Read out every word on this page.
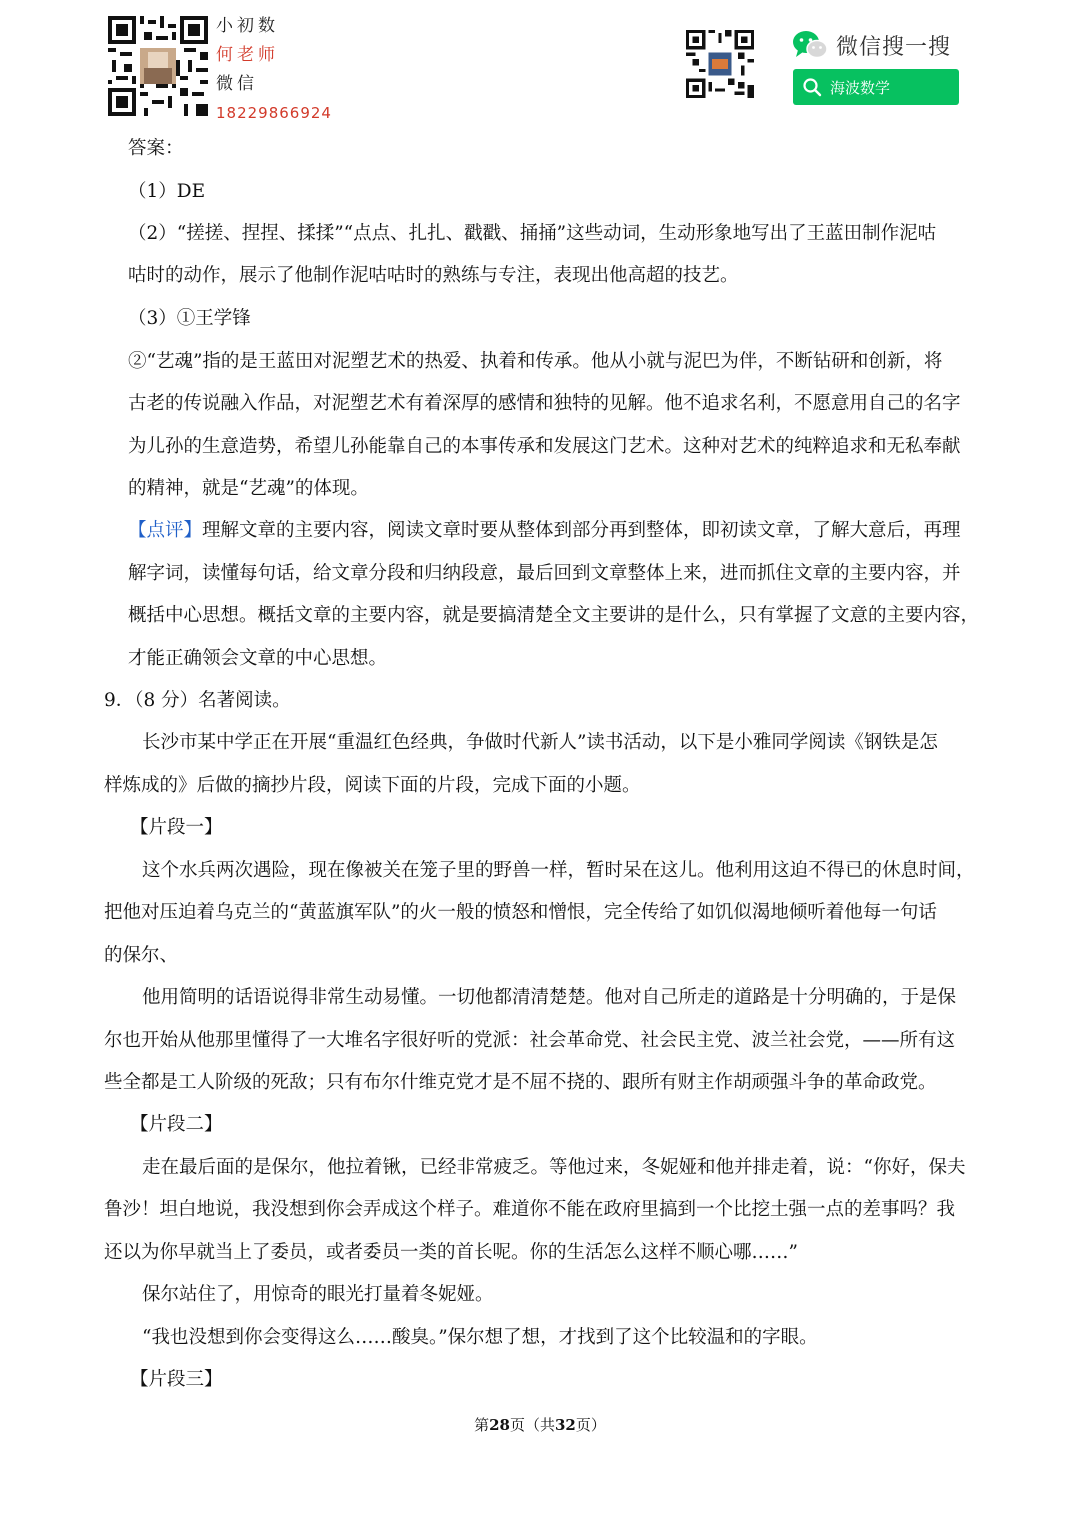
小初数
何老师
微信
18229866924
微信搜一搜
海波数学
答案：
（1）DE
（2）“搓搓、捏捏、揉揉”“点点、扎扎、戳戳、捅捅”这些动词，生动形象地写出了王蓝田制作泥咕
咕时的动作，展示了他制作泥咕咕时的熟练与专注，表现出他高超的技艺。
（3）①王学锋
②“艺魂”指的是王蓝田对泥塑艺术的热爱、执着和传承。他从小就与泥巴为伴，不断钻研和创新，将
古老的传说融入作品，对泥塑艺术有着深厚的感情和独特的见解。他不追求名利，不愿意用自己的名字
为儿孙的生意造势，希望儿孙能靠自己的本事传承和发展这门艺术。这种对艺术的纯粹追求和无私奉献
的精神，就是“艺魂”的体现。
【点评】理解文章的主要内容，阅读文章时要从整体到部分再到整体，即初读文章，了解大意后，再理
解字词，读懂每句话，给文章分段和归纳段意，最后回到文章整体上来，进而抓住文章的主要内容，并
概括中心思想。概括文章的主要内容，就是要搞清楚全文主要讲的是什么，只有掌握了文意的主要内容，
才能正确领会文章的中心思想。
9．（8 分）名著阅读。
长沙市某中学正在开展“重温红色经典，争做时代新人”读书活动，以下是小雅同学阅读《钢铁是怎
样炼成的》后做的摘抄片段，阅读下面的片段，完成下面的小题。
【片段一】
这个水兵两次遇险，现在像被关在笼子里的野兽一样，暂时呆在这儿。他利用这迫不得已的休息时间，
把他对压迫着乌克兰的“黄蓝旗军队”的火一般的愤怒和憎恨，完全传给了如饥似渴地倾听着他每一句话
的保尔、
他用简明的话语说得非常生动易懂。一切他都清清楚楚。他对自己所走的道路是十分明确的，于是保
尔也开始从他那里懂得了一大堆名字很好听的党派：社会革命党、社会民主党、波兰社会党，——所有这
些全都是工人阶级的死敌；只有布尔什维克党才是不屈不挠的、跟所有财主作胡顽强斗争的革命政党。
【片段二】
走在最后面的是保尔，他拉着锹，已经非常疲乏。等他过来，冬妮娅和他并排走着，说：“你好，保夫
鲁沙！坦白地说，我没想到你会弄成这个样子。难道你不能在政府里搞到一个比挖土强一点的差事吗？我
还以为你早就当上了委员，或者委员一类的首长呢。你的生活怎么这样不顺心哪……”
保尔站住了，用惊奇的眼光打量着冬妮娅。
“我也没想到你会变得这么……酸臭。”保尔想了想，才找到了这个比较温和的字眼。
【片段三】
第28页（共32页）
